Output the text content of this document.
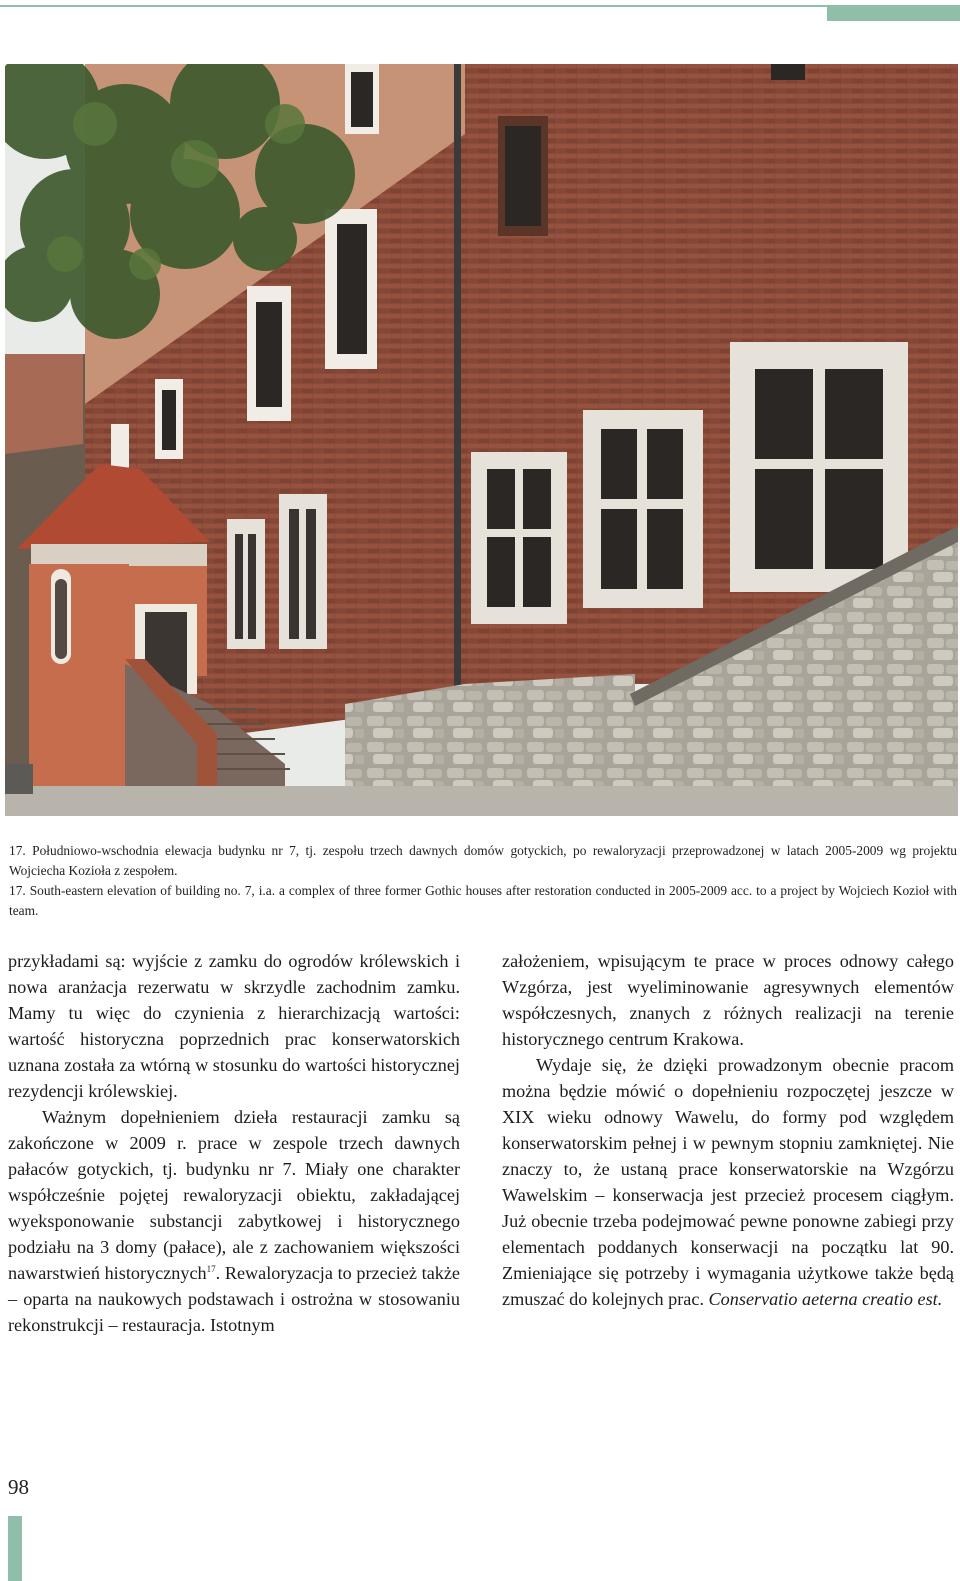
17. Południowo-wschodnia elewacja budynku nr 7, tj. zespołu trzech dawnych domów gotyckich, po rewaloryzacji przeprowadzonej w latach 2005-2009 wg projektu Wojciecha Kozioła z zespołem.

17. South-eastern elevation of building no. 7, i.a. a complex of three former Gothic houses after restoration conducted in 2005-2009 acc. to a project by Wojciech Kozioł with team.

przykładami są: wyjście z zamku do ogrodów królewskich i nowa aranżacja rezerwatu w skrzydle zachodnim zamku. Mamy tu więc do czynienia z hierarchizacją wartości: wartość historyczna poprzednich prac konserwatorskich uznana została za wtórną w stosunku do wartości historycznej rezydencji królewskiej.

Ważnym dopełnieniem dzieła restauracji zamku są zakończone w 2009 r. prace w zespole trzech dawnych pałaców gotyckich, tj. budynku nr 7. Miały one charakter współcześnie pojętej rewaloryzacji obiektu, zakładającej wyeksponowanie substancji zabytkowej i historycznego podziału na 3 domy (pałace), ale z zachowaniem większości nawarstwień historycznych$^{17}$. Rewaloryzacja to przecież także – oparta na naukowych podstawach i ostrożna w stosowaniu rekonstrukcji – restauracja. Istotnym

założeniem, wpisującym te prace w proces odnowy całego Wzgórza, jest wyeliminowanie agresywnych elementów współczesnych, znanych z różnych realizacji na terenie historycznego centrum Krakowa.

Wydaje się, że dzięki prowadzonym obecnie pracom można będzie mówić o dopełnieniu rozpoczętej jeszcze w XIX wieku odnowy Wawelu, do formy pod względem konserwatorskim pełnej i w pewnym stopniu zamkniętej. Nie znaczy to, że ustaną prace konserwatorskie na Wzgórzu Wawelskim – konserwacja jest przecież procesem ciągłym. Już obecnie trzeba podejmować pewne ponowne zabiegi przy elementach poddanych konserwacji na początku lat 90. Zmieniające się potrzeby i wymagania użytkowe także będą zmuszać do kolejnych prac. Conservatio aeterna creatio est.

98
